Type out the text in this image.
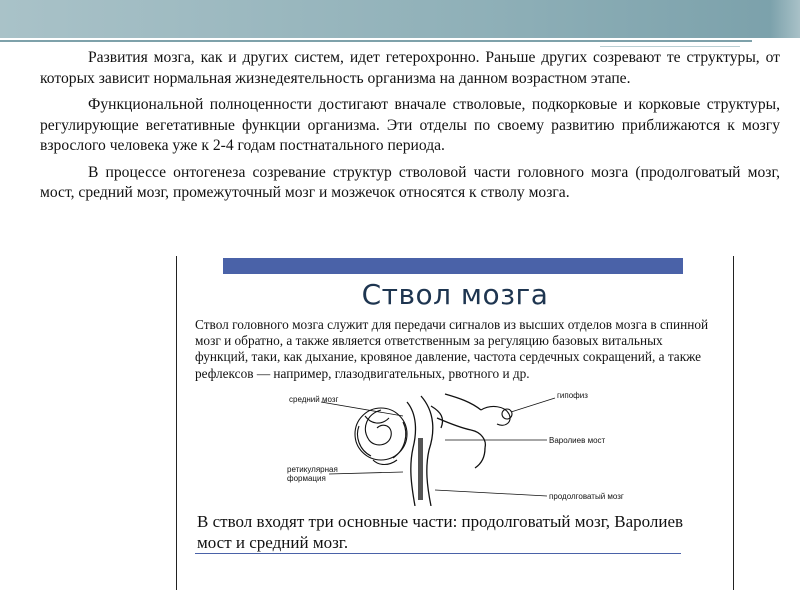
Развития мозга, как и других систем, идет гетерохронно. Раньше других созревают те структуры, от которых зависит нормальная жизнедеятельность организма на данном возрастном этапе.

Функциональной полноценности достигают вначале стволовые, подкорковые и корковые структуры, регулирующие вегетативные функции организма. Эти отделы по своему развитию приближаются к мозгу взрослого человека уже к 2-4 годам постнатального периода.

В процессе онтогенеза созревание структур стволовой части головного мозга (продолговатый мозг, мост, средний мозг, промежуточный мозг и мозжечок относятся к стволу мозга.

Ствол мозга
Ствол головного мозга служит для передачи сигналов из высших отделов мозга в спинной мозг и обратно, а также является ответственным за регуляцию базовых витальных функций, таки, как дыхание, кровяное давление, частота сердечных сокращений, а также рефлексов — например, глазодвигательных, рвотного и др.
средний мозг	гипофиз
Варолиев мост
ретикулярная
формация
продолговатый мозг
В ствол входят три основные части: продолговатый мозг, Варолиев мост и средний мозг.
